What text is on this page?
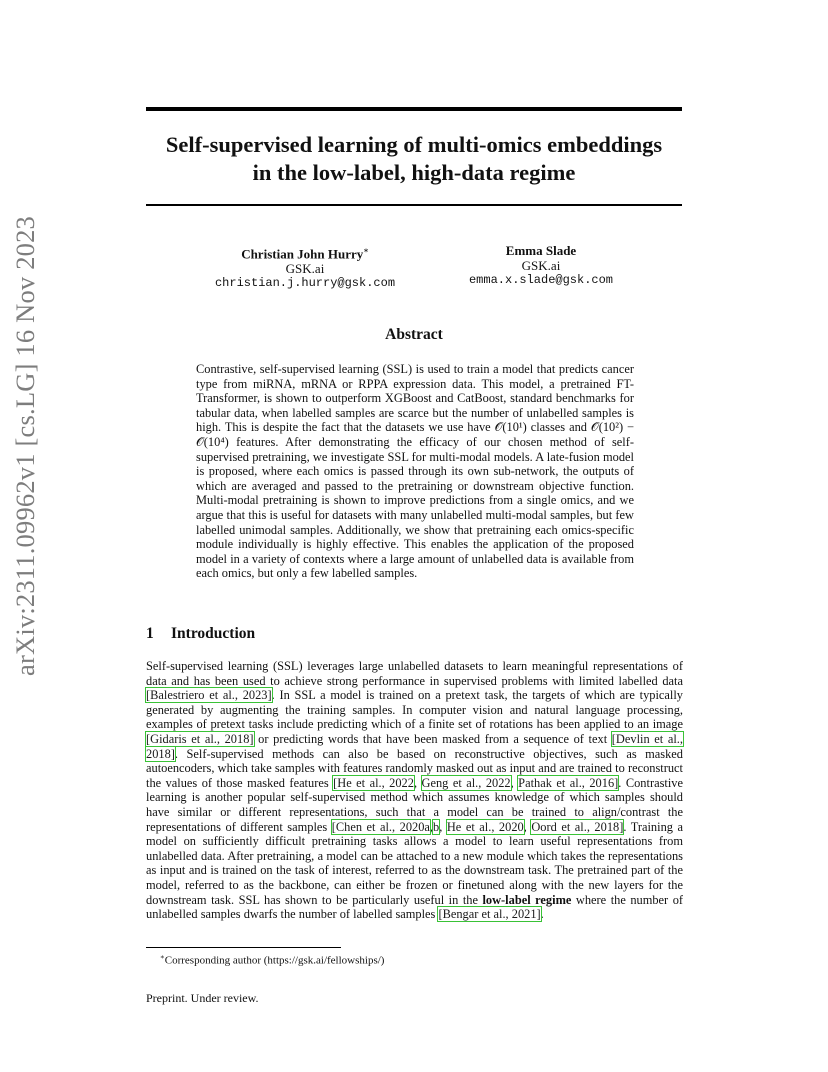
arXiv:2311.09962v1 [cs.LG] 16 Nov 2023
Self-supervised learning of multi-omics embeddings
in the low-label, high-data regime
Christian John Hurry∗
GSK.ai
christian.j.hurry@gsk.com
Emma Slade
GSK.ai
emma.x.slade@gsk.com
Abstract
Contrastive, self-supervised learning (SSL) is used to train a model that predicts cancer type from miRNA, mRNA or RPPA expression data. This model, a pretrained FT-Transformer, is shown to outperform XGBoost and CatBoost, standard benchmarks for tabular data, when labelled samples are scarce but the number of unlabelled samples is high. This is despite the fact that the datasets we use have 𝒪(10¹) classes and 𝒪(10²) − 𝒪(10⁴) features. After demonstrating the efficacy of our chosen method of self-supervised pretraining, we investigate SSL for multi-modal models. A late-fusion model is proposed, where each omics is passed through its own sub-network, the outputs of which are averaged and passed to the pretraining or downstream objective function. Multi-modal pretraining is shown to improve predictions from a single omics, and we argue that this is useful for datasets with many unlabelled multi-modal samples, but few labelled unimodal samples. Additionally, we show that pretraining each omics-specific module individually is highly effective. This enables the application of the proposed model in a variety of contexts where a large amount of unlabelled data is available from each omics, but only a few labelled samples.
1 Introduction
Self-supervised learning (SSL) leverages large unlabelled datasets to learn meaningful representations of data and has been used to achieve strong performance in supervised problems with limited labelled data [Balestriero et al., 2023]. In SSL a model is trained on a pretext task, the targets of which are typically generated by augmenting the training samples. In computer vision and natural language processing, examples of pretext tasks include predicting which of a finite set of rotations has been applied to an image [Gidaris et al., 2018] or predicting words that have been masked from a sequence of text [Devlin et al., 2018]. Self-supervised methods can also be based on reconstructive objectives, such as masked autoencoders, which take samples with features randomly masked out as input and are trained to reconstruct the values of those masked features [He et al., 2022, Geng et al., 2022, Pathak et al., 2016]. Contrastive learning is another popular self-supervised method which assumes knowledge of which samples should have similar or different representations, such that a model can be trained to align/contrast the representations of different samples [Chen et al., 2020a,b, He et al., 2020, Oord et al., 2018]. Training a model on sufficiently difficult pretraining tasks allows a model to learn useful representations from unlabelled data. After pretraining, a model can be attached to a new module which takes the representations as input and is trained on the task of interest, referred to as the downstream task. The pretrained part of the model, referred to as the backbone, can either be frozen or finetuned along with the new layers for the downstream task. SSL has shown to be particularly useful in the low-label regime where the number of unlabelled samples dwarfs the number of labelled samples [Bengar et al., 2021].
∗Corresponding author (https://gsk.ai/fellowships/)
Preprint. Under review.
